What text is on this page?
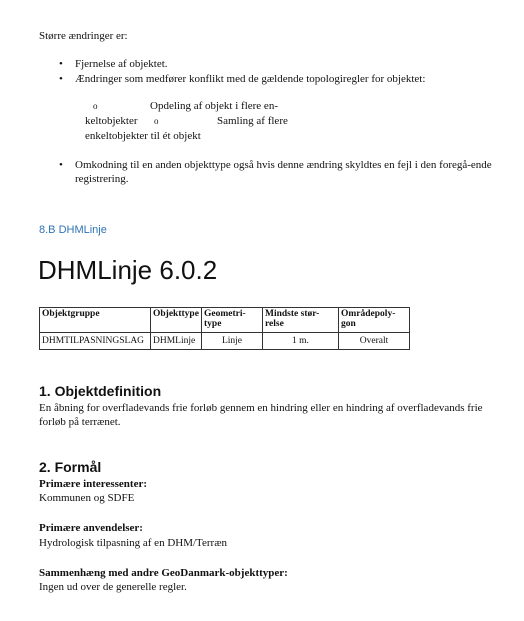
Større ændringer er:

• Fjernelse af objektet.
• Ændringer som medfører konflikt med de gældende topologiregler for objektet:
o	Opdeling af objekt i flere en-
keltobjekter o	Samling af flere
enkeltobjekter til ét objekt
• Omkodning til en anden objekttype også hvis denne ændring skyldtes en fejl i den foregå-ende registrering.

8.B DHMLinje

DHMLinje 6.0.2

Objektgruppe	Objekttype	Geometri-type	Mindste stør-relse	Områdepoly-gon
DHMTILPASNINGSLAG	DHMLinje	Linje	1 m.	Overalt

1. Objektdefinition

En åbning for overfladevands frie forløb gennem en hindring eller en hindring af overfladevands frie forløb på terrænet.

2. Formål

Primære interessenter:

Kommunen og SDFE

Primære anvendelser:

Hydrologisk tilpasning af en DHM/Terræn

Sammenhæng med andre GeoDanmark-objekttyper:

Ingen ud over de generelle regler.
